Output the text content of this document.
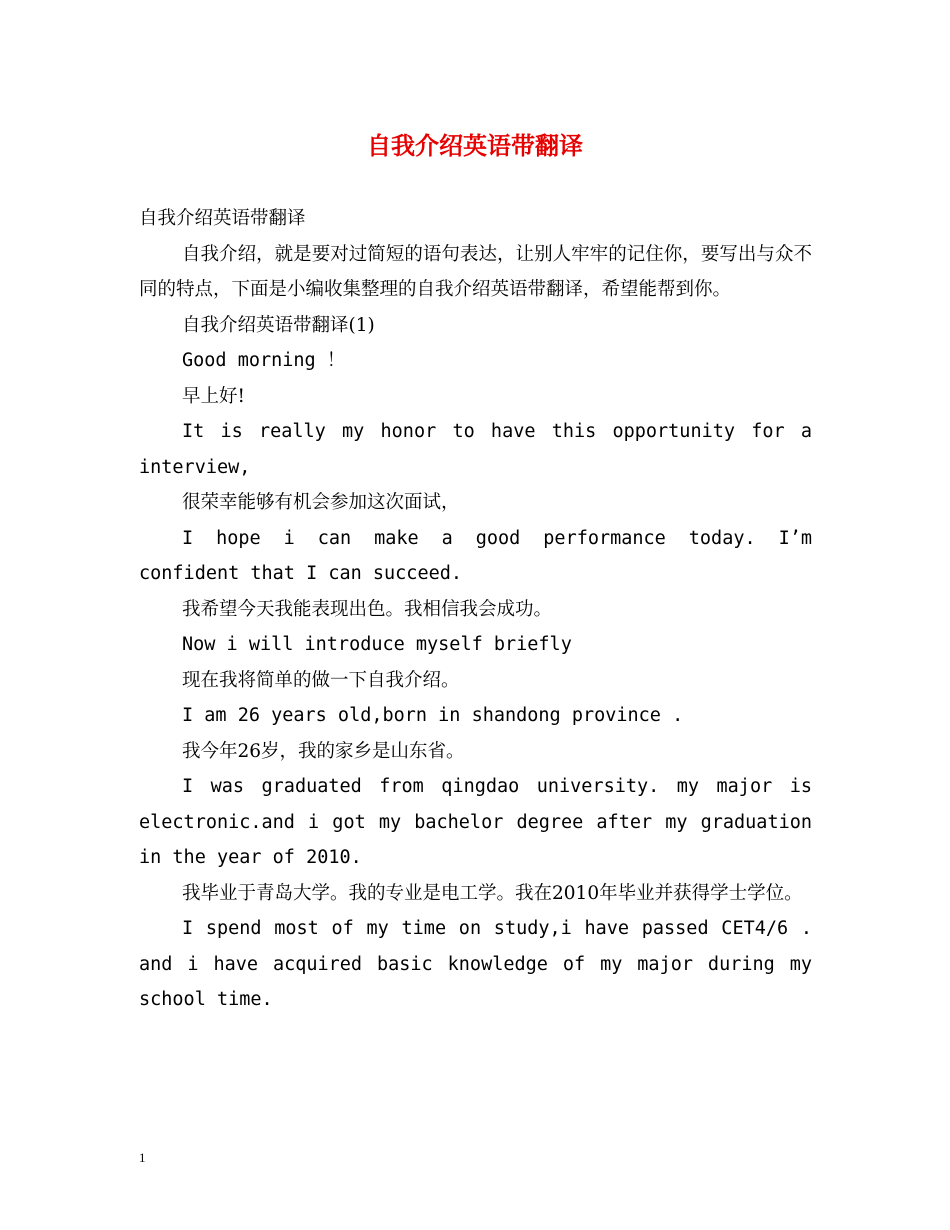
自我介绍英语带翻译

自我介绍英语带翻译

自我介绍，就是要对过简短的语句表达，让别人牢牢的记住你，要写出与众不同的特点，下面是小编收集整理的自我介绍英语带翻译，希望能帮到你。

自我介绍英语带翻译(1)

Good morning ！

早上好!

It is really my honor to have this opportunity for a interview,

很荣幸能够有机会参加这次面试，

I hope i can make a good performance today. I’m confident that I can succeed.

我希望今天我能表现出色。我相信我会成功。

Now i will introduce myself briefly

现在我将简单的做一下自我介绍。

I am 26 years old,born in shandong province .

我今年26岁，我的家乡是山东省。

I was graduated from qingdao university. my major is electronic.and i got my bachelor degree after my graduation in the year of 2010.

我毕业于青岛大学。我的专业是电工学。我在2010年毕业并获得学士学位。

I spend most of my time on study,i have passed CET4/6 . and i have acquired basic knowledge of my major during my school time.

1
